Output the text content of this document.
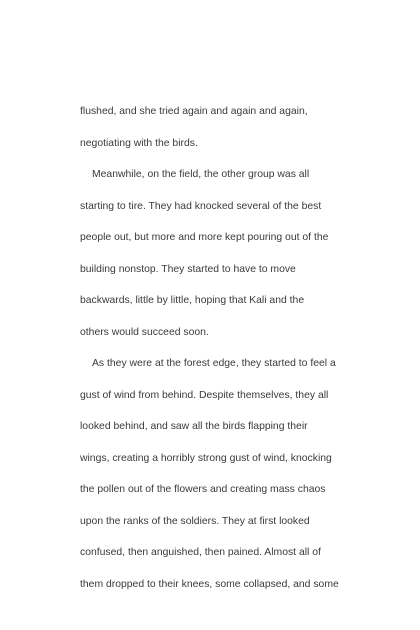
flushed, and she tried again and again and again,

negotiating with the birds.

Meanwhile, on the field, the other group was all

starting to tire. They had knocked several of the best

people out, but more and more kept pouring out of the

building nonstop. They started to have to move

backwards, little by little, hoping that Kali and the

others would succeed soon.

As they were at the forest edge, they started to feel a

gust of wind from behind. Despite themselves, they all

looked behind, and saw all the birds flapping their

wings, creating a horribly strong gust of wind, knocking

the pollen out of the flowers and creating mass chaos

upon the ranks of the soldiers. They at first looked

confused, then anguished, then pained. Almost all of

them dropped to their knees, some collapsed, and some
